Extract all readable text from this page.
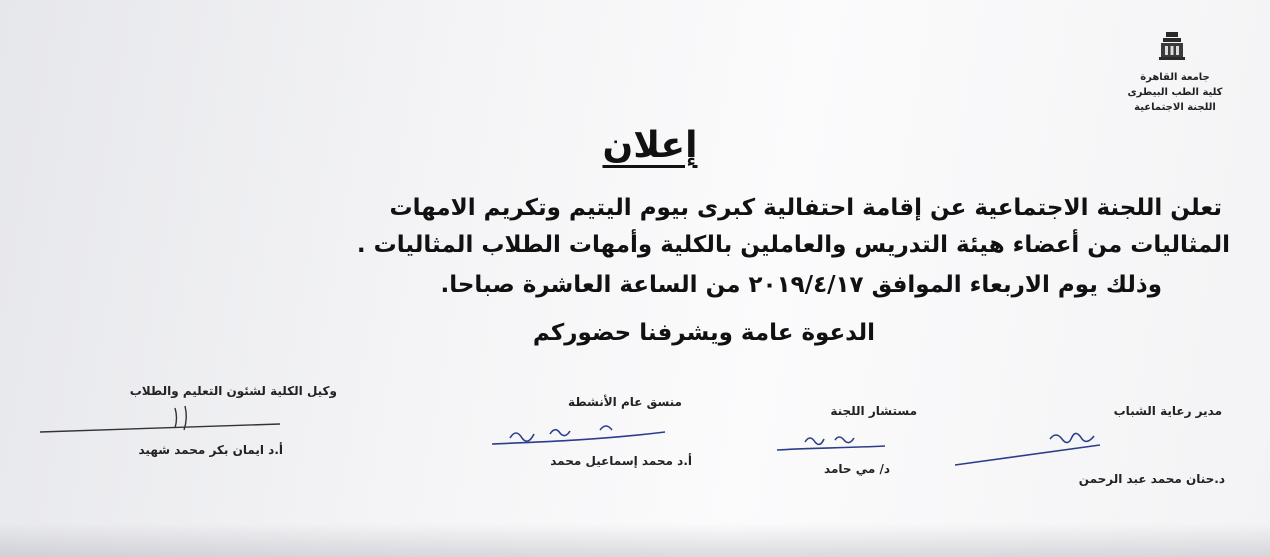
جامعة القاهرة
كلية الطب البيطرى
اللجنة الاجتماعية
إعلان
تعلن اللجنة الاجتماعية عن إقامة احتفالية كبرى بيوم اليتيم وتكريم الامهات
المثاليات من أعضاء هيئة التدريس والعاملين بالكلية وأمهات الطلاب المثاليات .
وذلك يوم الاربعاء الموافق ٢٠١٩/٤/١٧ من الساعة العاشرة صباحا.
الدعوة عامة ويشرفنا حضوركم
مدير رعاية الشباب
د.حنان محمد عبد الرحمن
مستشار اللجنة
د/ مي حامد
منسق عام الأنشطة
أ.د محمد إسماعيل محمد
وكيل الكلية لشئون التعليم والطلاب
أ.د ايمان بكر محمد شهيد
